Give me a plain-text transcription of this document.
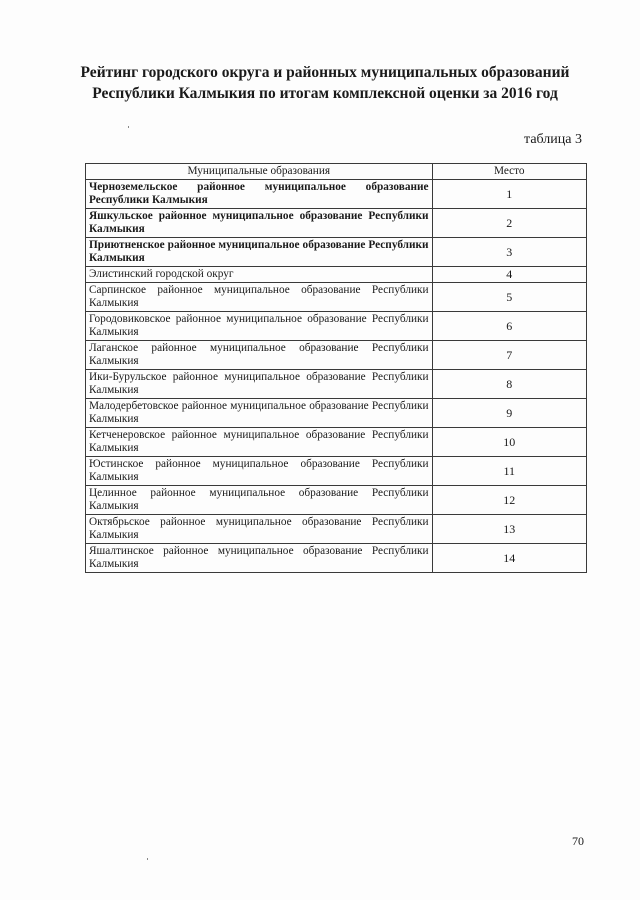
Рейтинг городского округа и районных муниципальных образований Республики Калмыкия по итогам комплексной оценки за 2016 год
таблица 3
Муниципальные образования	Место
Черноземельское районное муниципальное образование Республики Калмыкия	1
Яшкульское районное муниципальное образование Республики Калмыкия	2
Приютненское районное муниципальное образование Республики Калмыкия	3
Элистинский городской округ	4
Сарпинское районное муниципальное образование Республики Калмыкия	5
Городовиковское районное муниципальное образование Республики Калмыкия	6
Лаганское районное муниципальное образование Республики Калмыкия	7
Ики-Бурульское районное муниципальное образование Республики Калмыкия	8
Малодербетовское районное муниципальное образование Республики Калмыкия	9
Кетченеровское районное муниципальное образование Республики Калмыкия	10
Юстинское районное муниципальное образование Республики Калмыкия	11
Целинное районное муниципальное образование Республики Калмыкия	12
Октябрьское районное муниципальное образование Республики Калмыкия	13
Яшалтинское районное муниципальное образование Республики Калмыкия	14
70
